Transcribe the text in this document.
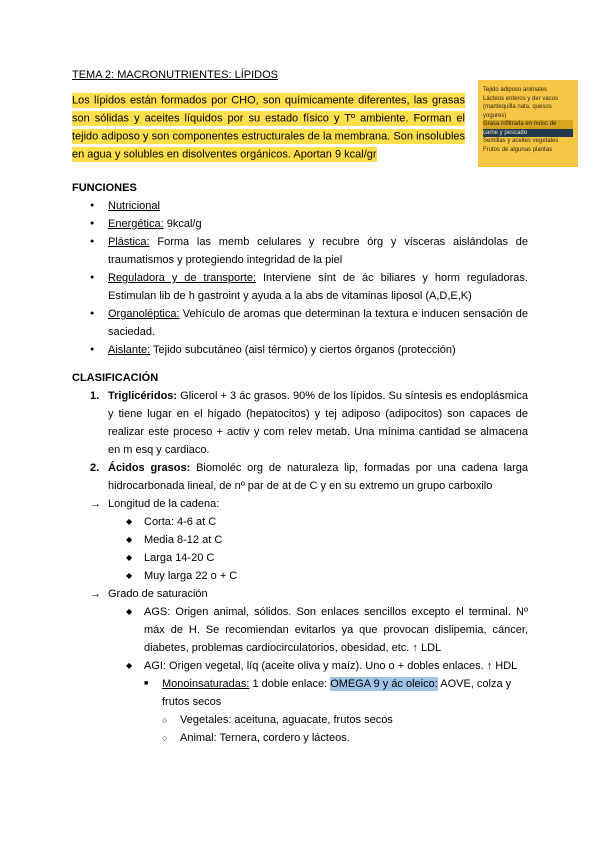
TEMA 2: MACRONUTRIENTES: LÍPIDOS
Los lípidos están formados por CHO, son químicamente diferentes, las grasas son sólidas y aceites líquidos por su estado físico y Tº ambiente. Forman el tejido adiposo y son componentes estructurales de la membrana. Son insolubles en agua y solubles en disolventes orgánicos. Aportan 9 kcal/gr
Tejido adiposo animales
Lácteos enteros y der vacos
(mantequilla nata, quesos
yogures)
Grasa infiltrada en músc de
carne y pescado
Semillas y aceites vegetales
Frutos de algunas plantas
FUNCIONES
●	Nutricional
●	Energética: 9kcal/g
●	Plástica: Forma las memb celulares y recubre órg y vísceras aislándolas de traumatismos y protegiendo integridad de la piel
●	Reguladora y de transporte: Interviene sínt de ác biliares y horm reguladoras. Estimulan lib de h gastroint y ayuda a la abs de vitaminas liposol (A,D,E,K)
●	Organoléptica: Vehículo de aromas que determinan la textura e inducen sensación de saciedad.
●	Aislante: Tejido subcutáneo (aisl térmico) y ciertos órganos (protección)
CLASIFICACIÓN
1. Triglicéridos: Glicerol + 3 ác grasos. 90% de los lípidos. Su síntesis es endoplásmica y tiene lugar en el hígado (hepatocitos) y tej adiposo (adipocitos) son capaces de realizar este proceso + activ y com relev metab. Una mínima cantidad se almacena en m esq y cardiaco.
2. Ácidos grasos: Biomoléc org de naturaleza lip, formadas por una cadena larga hidrocarbonada lineal, de nº par de at de C y en su extremo un grupo carboxilo
→ Longitud de la cadena:
◆	Corta: 4-6 at C
◆	Media 8-12 at C
◆	Larga 14-20 C
◆	Muy larga 22 o + C
→ Grado de saturación
◆	AGS: Origen animal, sólidos. Son enlaces sencillos excepto el terminal. Nº máx de H. Se recomiendan evitarlos ya que provocan dislipemia, cáncer, diabetes, problemas cardiocirculatorios, obesidad, etc. ↑ LDL
◆	AGI: Origen vegetal, líq (aceite oliva y maíz). Uno o + dobles enlaces. ↑ HDL
■	Monoinsaturadas: 1 doble enlace: OMEGA 9 y ác oleico: AOVE, colza y frutos secos
○	Vegetales: aceituna, aguacate, frutos secos
○	Animal: Ternera, cordero y lácteos.
